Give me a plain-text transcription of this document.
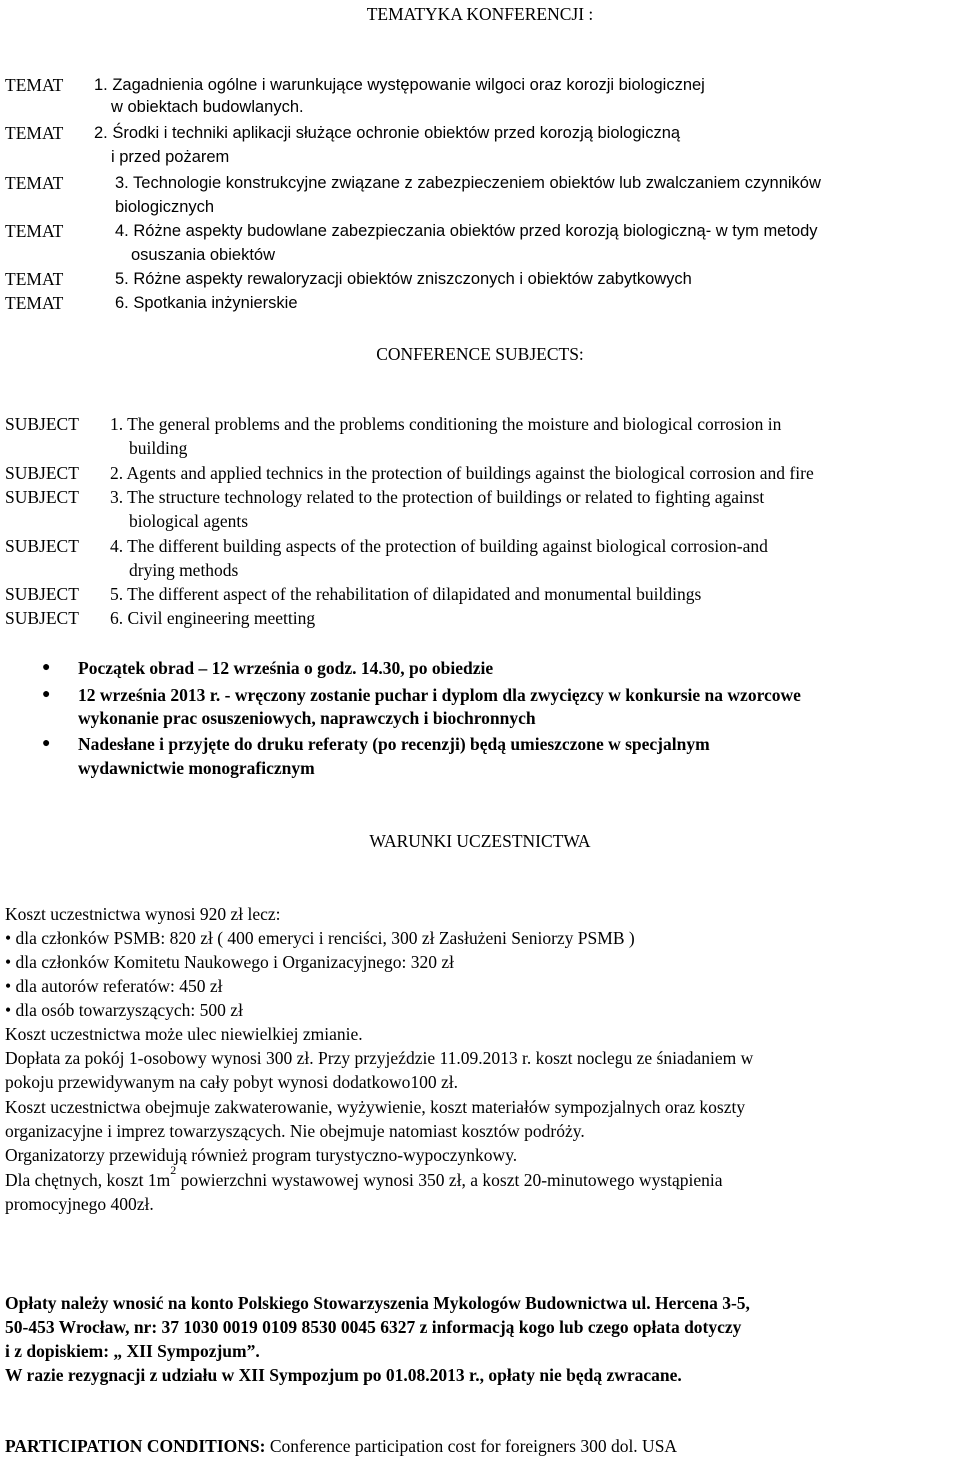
TEMATYKA KONFERENCJI :
TEMAT 1. Zagadnienia ogólne i warunkujące występowanie wilgoci oraz korozji biologicznej
w obiektach budowlanych.
TEMAT 2. Środki i techniki aplikacji służące ochronie obiektów przed korozją biologiczną
i przed pożarem
TEMAT	3. Technologie konstrukcyjne związane z zabezpieczeniem obiektów lub zwalczaniem czynników
biologicznych
TEMAT	4. Różne aspekty budowlane zabezpieczania obiektów przed korozją biologiczną- w tym metody
osuszania obiektów
TEMAT	5. Różne aspekty rewaloryzacji obiektów zniszczonych i obiektów zabytkowych
TEMAT	6. Spotkania inżynierskie
CONFERENCE SUBJECTS:
SUBJECT 1. The general problems and the problems conditioning the moisture and biological corrosion in
building
SUBJECT 2. Agents and applied technics in the protection of buildings against the biological corrosion and fire
SUBJECT 3. The structure technology related to the protection of buildings or related to fighting against
biological agents
SUBJECT 4. The different building aspects of the protection of building against biological corrosion-and
drying methods
SUBJECT 5. The different aspect of the rehabilitation of dilapidated and monumental buildings
SUBJECT 6. Civil engineering meetting
● Początek obrad – 12 września o godz. 14.30, po obiedzie
● 12 września 2013 r. - wręczony zostanie puchar i dyplom dla zwycięzcy w konkursie na wzorcowe
wykonanie prac osuszeniowych, naprawczych i biochronnych
● Nadesłane i przyjęte do druku referaty (po recenzji) będą umieszczone w specjalnym
wydawnictwie monograficznym
WARUNKI UCZESTNICTWA
Koszt uczestnictwa wynosi 920 zł lecz:
• dla członków PSMB: 820 zł ( 400 emeryci i renciści, 300 zł Zasłużeni Seniorzy PSMB )
• dla członków Komitetu Naukowego i Organizacyjnego: 320 zł
• dla autorów referatów: 450 zł
• dla osób towarzyszących: 500 zł
Koszt uczestnictwa może ulec niewielkiej zmianie.
Dopłata za pokój 1-osobowy wynosi 300 zł. Przy przyjeździe 11.09.2013 r. koszt noclegu ze śniadaniem w
pokoju przewidywanym na cały pobyt wynosi dodatkowo100 zł.
Koszt uczestnictwa obejmuje zakwaterowanie, wyżywienie, koszt materiałów sympozjalnych oraz koszty
organizacyjne i imprez towarzyszących. Nie obejmuje natomiast kosztów podróży.
Organizatorzy przewidują również program turystyczno-wypoczynkowy.
Dla chętnych, koszt $1m^2$ powierzchni wystawowej wynosi 350 zł, a koszt 20-minutowego wystąpienia
promocyjnego 400zł.
Opłaty należy wnosić na konto Polskiego Stowarzyszenia Mykologów Budownictwa ul. Hercena 3-5,
50-453 Wrocław, nr: 37 1030 0019 0109 8530 0045 6327 z informacją kogo lub czego opłata dotyczy
i z dopiskiem: „ XII Sympozjum”.
W razie rezygnacji z udziału w XII Sympozjum po 01.08.2013 r., opłaty nie będą zwracane.
PARTICIPATION CONDITIONS: Conference participation cost for foreigners 300 dol. USA
